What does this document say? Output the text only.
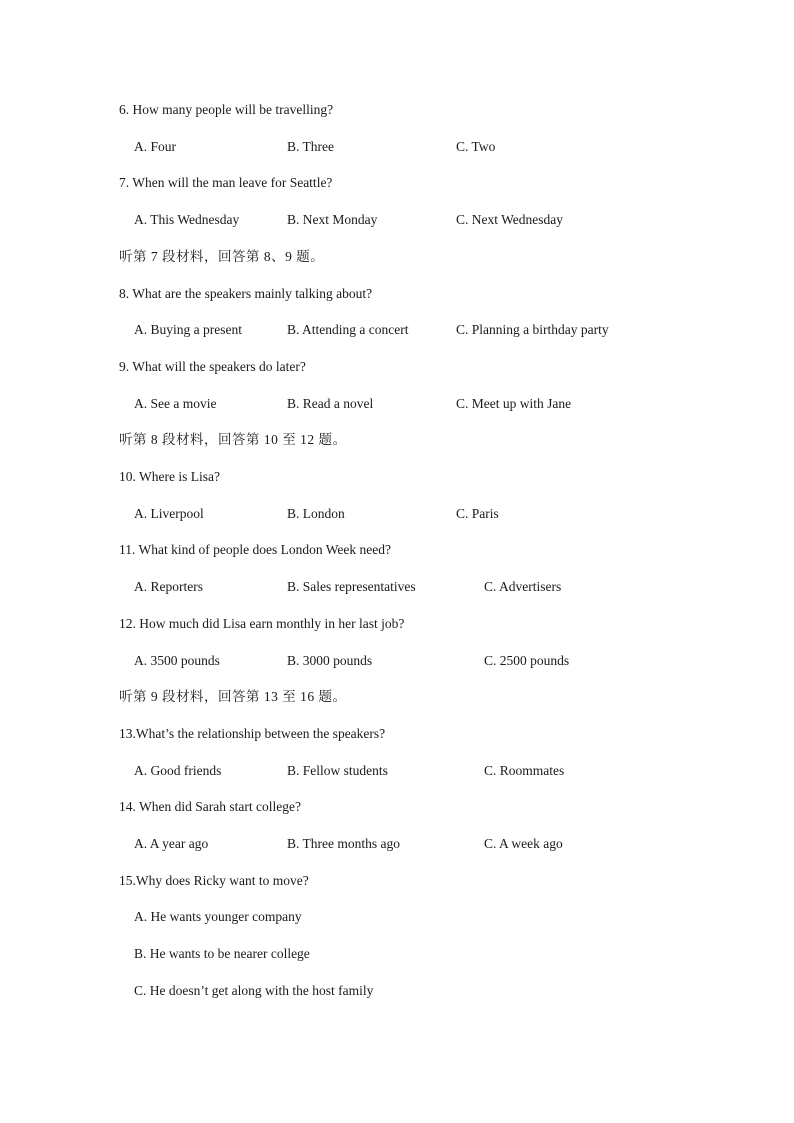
6. How many people will be travelling?
A. Four	B. Three	C. Two
7. When will the man leave for Seattle?
A. This Wednesday	B. Next Monday	C. Next Wednesday
听第 7 段材料，回答第 8、9 题。
8. What are the speakers mainly talking about?
A. Buying a present	B. Attending a concert	C. Planning a birthday party
9. What will the speakers do later?
A. See a movie	B. Read a novel	C. Meet up with Jane
听第 8 段材料，回答第 10 至 12 题。
10. Where is Lisa?
A. Liverpool	B. London	C. Paris
11. What kind of people does London Week need?
A. Reporters	B. Sales representatives	C. Advertisers
12. How much did Lisa earn monthly in her last job?
A. 3500 pounds	B. 3000 pounds	C. 2500 pounds
听第 9 段材料，回答第 13 至 16 题。
13.What’s the relationship between the speakers?
A. Good friends	B. Fellow students	C. Roommates
14. When did Sarah start college?
A. A year ago	B. Three months ago	C. A week ago
15.Why does Ricky want to move?
A. He wants younger company
B. He wants to be nearer college
C. He doesn’t get along with the host family
